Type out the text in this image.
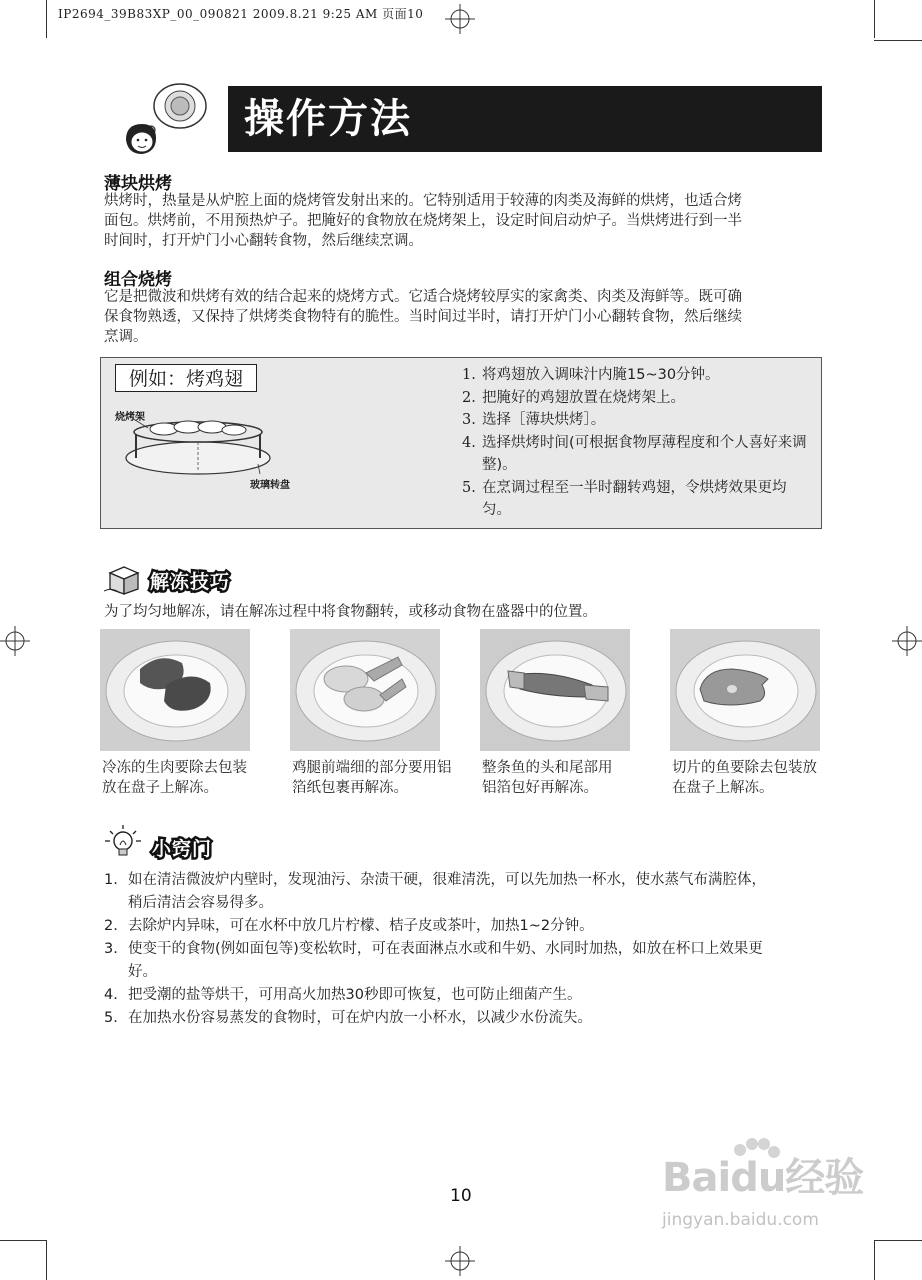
IP2694_39B83XP_00_090821 2009.8.21 9:25 AM 页面10
操作方法
薄块烘烤
烘烤时，热量是从炉腔上面的烧烤管发射出来的。它特别适用于较薄的肉类及海鲜的烘烤，也适合烤
面包。烘烤前，不用预热炉子。把腌好的食物放在烧烤架上，设定时间启动炉子。当烘烤进行到一半
时间时，打开炉门小心翻转食物，然后继续烹调。
组合烧烤
它是把微波和烘烤有效的结合起来的烧烤方式。它适合烧烤较厚实的家禽类、肉类及海鲜等。既可确
保食物熟透，又保持了烘烤类食物特有的脆性。当时间过半时，请打开炉门小心翻转食物，然后继续
烹调。
例如：烤鸡翅
烧烤架
玻璃转盘
1. 将鸡翅放入调味汁内腌15~30分钟。
2. 把腌好的鸡翅放置在烧烤架上。
3. 选择［薄块烘烤］。
4. 选择烘烤时间(可根据食物厚薄程度和个人喜好来调整)。
5. 在烹调过程至一半时翻转鸡翅，令烘烤效果更均匀。
解冻技巧
为了均匀地解冻，请在解冻过程中将食物翻转，或移动食物在盛器中的位置。
冷冻的生肉要除去包装放在盘子上解冻。
鸡腿前端细的部分要用铝箔纸包裹再解冻。
整条鱼的头和尾部用铝箔包好再解冻。
切片的鱼要除去包装放在盘子上解冻。
小窍门
1. 如在清洁微波炉内壁时，发现油污、杂渍干硬，很难清洗，可以先加热一杯水，使水蒸气布满腔体，稍后清洁会容易得多。
2. 去除炉内异味，可在水杯中放几片柠檬、桔子皮或茶叶，加热1~2分钟。
3. 使变干的食物(例如面包等)变松软时，可在表面淋点水或和牛奶、水同时加热，如放在杯口上效果更好。
4. 把受潮的盐等烘干，可用高火加热30秒即可恢复，也可防止细菌产生。
5. 在加热水份容易蒸发的食物时，可在炉内放一小杯水，以减少水份流失。
10	Baidu经验
jingyan.baidu.com
